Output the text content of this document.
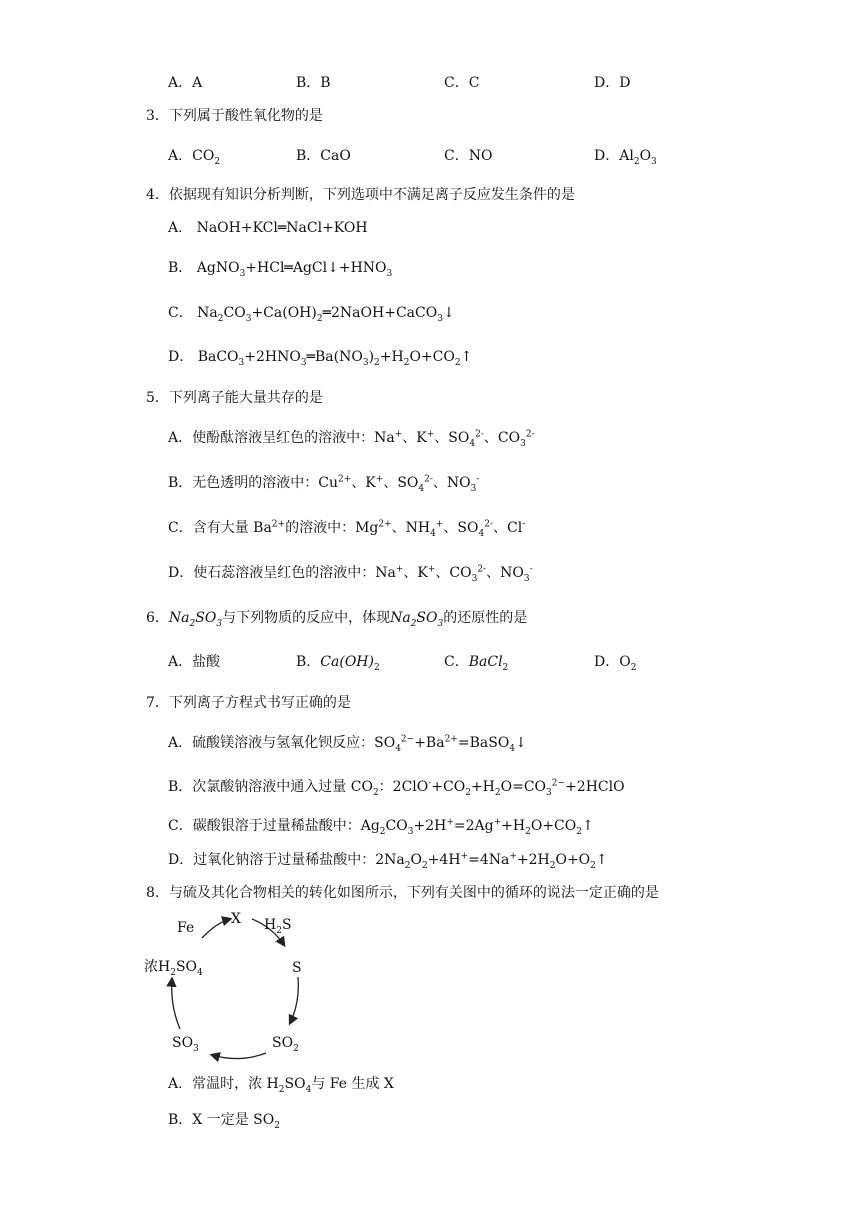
A．A	B．B	C．C	D．D
3．下列属于酸性氧化物的是
A．$CO_2$	B．CaO	C．NO	D．$Al_2O_3$
4．依据现有知识分析判断，下列选项中不满足离子反应发生条件的是
A． NaOH+KCl═NaCl+KOH
B． $AgNO_3+HCl═AgCl↓+HNO_3$
C． $Na_2CO_3+Ca(OH)_2═2NaOH+CaCO_3↓$
D． $BaCO_3+2HNO_3═Ba(NO_3)_2+H_2O+CO_2↑$
5．下列离子能大量共存的是
A．使酚酞溶液呈红色的溶液中：Na+、K+、$SO_4^{2-}$、$CO_3^{2-}$
B．无色透明的溶液中：$Cu^{2+}$、K+、$SO_4^{2-}$、$NO_3^-$
C．含有大量 $Ba^{2+}$的溶液中：$Mg^{2+}$、$NH_4^+$、$SO_4^{2-}$、Cl-
D．使石蕊溶液呈红色的溶液中：Na+、K+、$CO_3^{2-}$、$NO_3^-$
6．$Na_2SO_3$与下列物质的反应中，体现$Na_2SO_3$的还原性的是
A．盐酸	B．$Ca(OH)_2$	C．BaCl$_2$	D．$O_2$
7．下列离子方程式书写正确的是
A．硫酸镁溶液与氢氧化钡反应：$SO_4^{2-}+Ba^{2+}=BaSO_4↓$
B．次氯酸钠溶液中通入过量 $CO_2$：$2ClO^-+CO_2+H_2O=CO_3^{2-}+2HClO$
C．碳酸银溶于过量稀盐酸中：$Ag_2CO_3+2H^+=2Ag^++H_2O+CO_2↑$
D．过氧化钠溶于过量稀盐酸中：$2Na_2O_2+4H^+=4Na^++2H_2O+O_2↑$
8．与硫及其化合物相关的转化如图所示，下列有关图中的循环的说法一定正确的是
Fe
X $H_2S$
S
浓$H_2SO_4$
$SO_3$	$SO_2$
A．常温时，浓 $H_2SO_4$与 Fe 生成 X
B．X 一定是 $SO_2$
